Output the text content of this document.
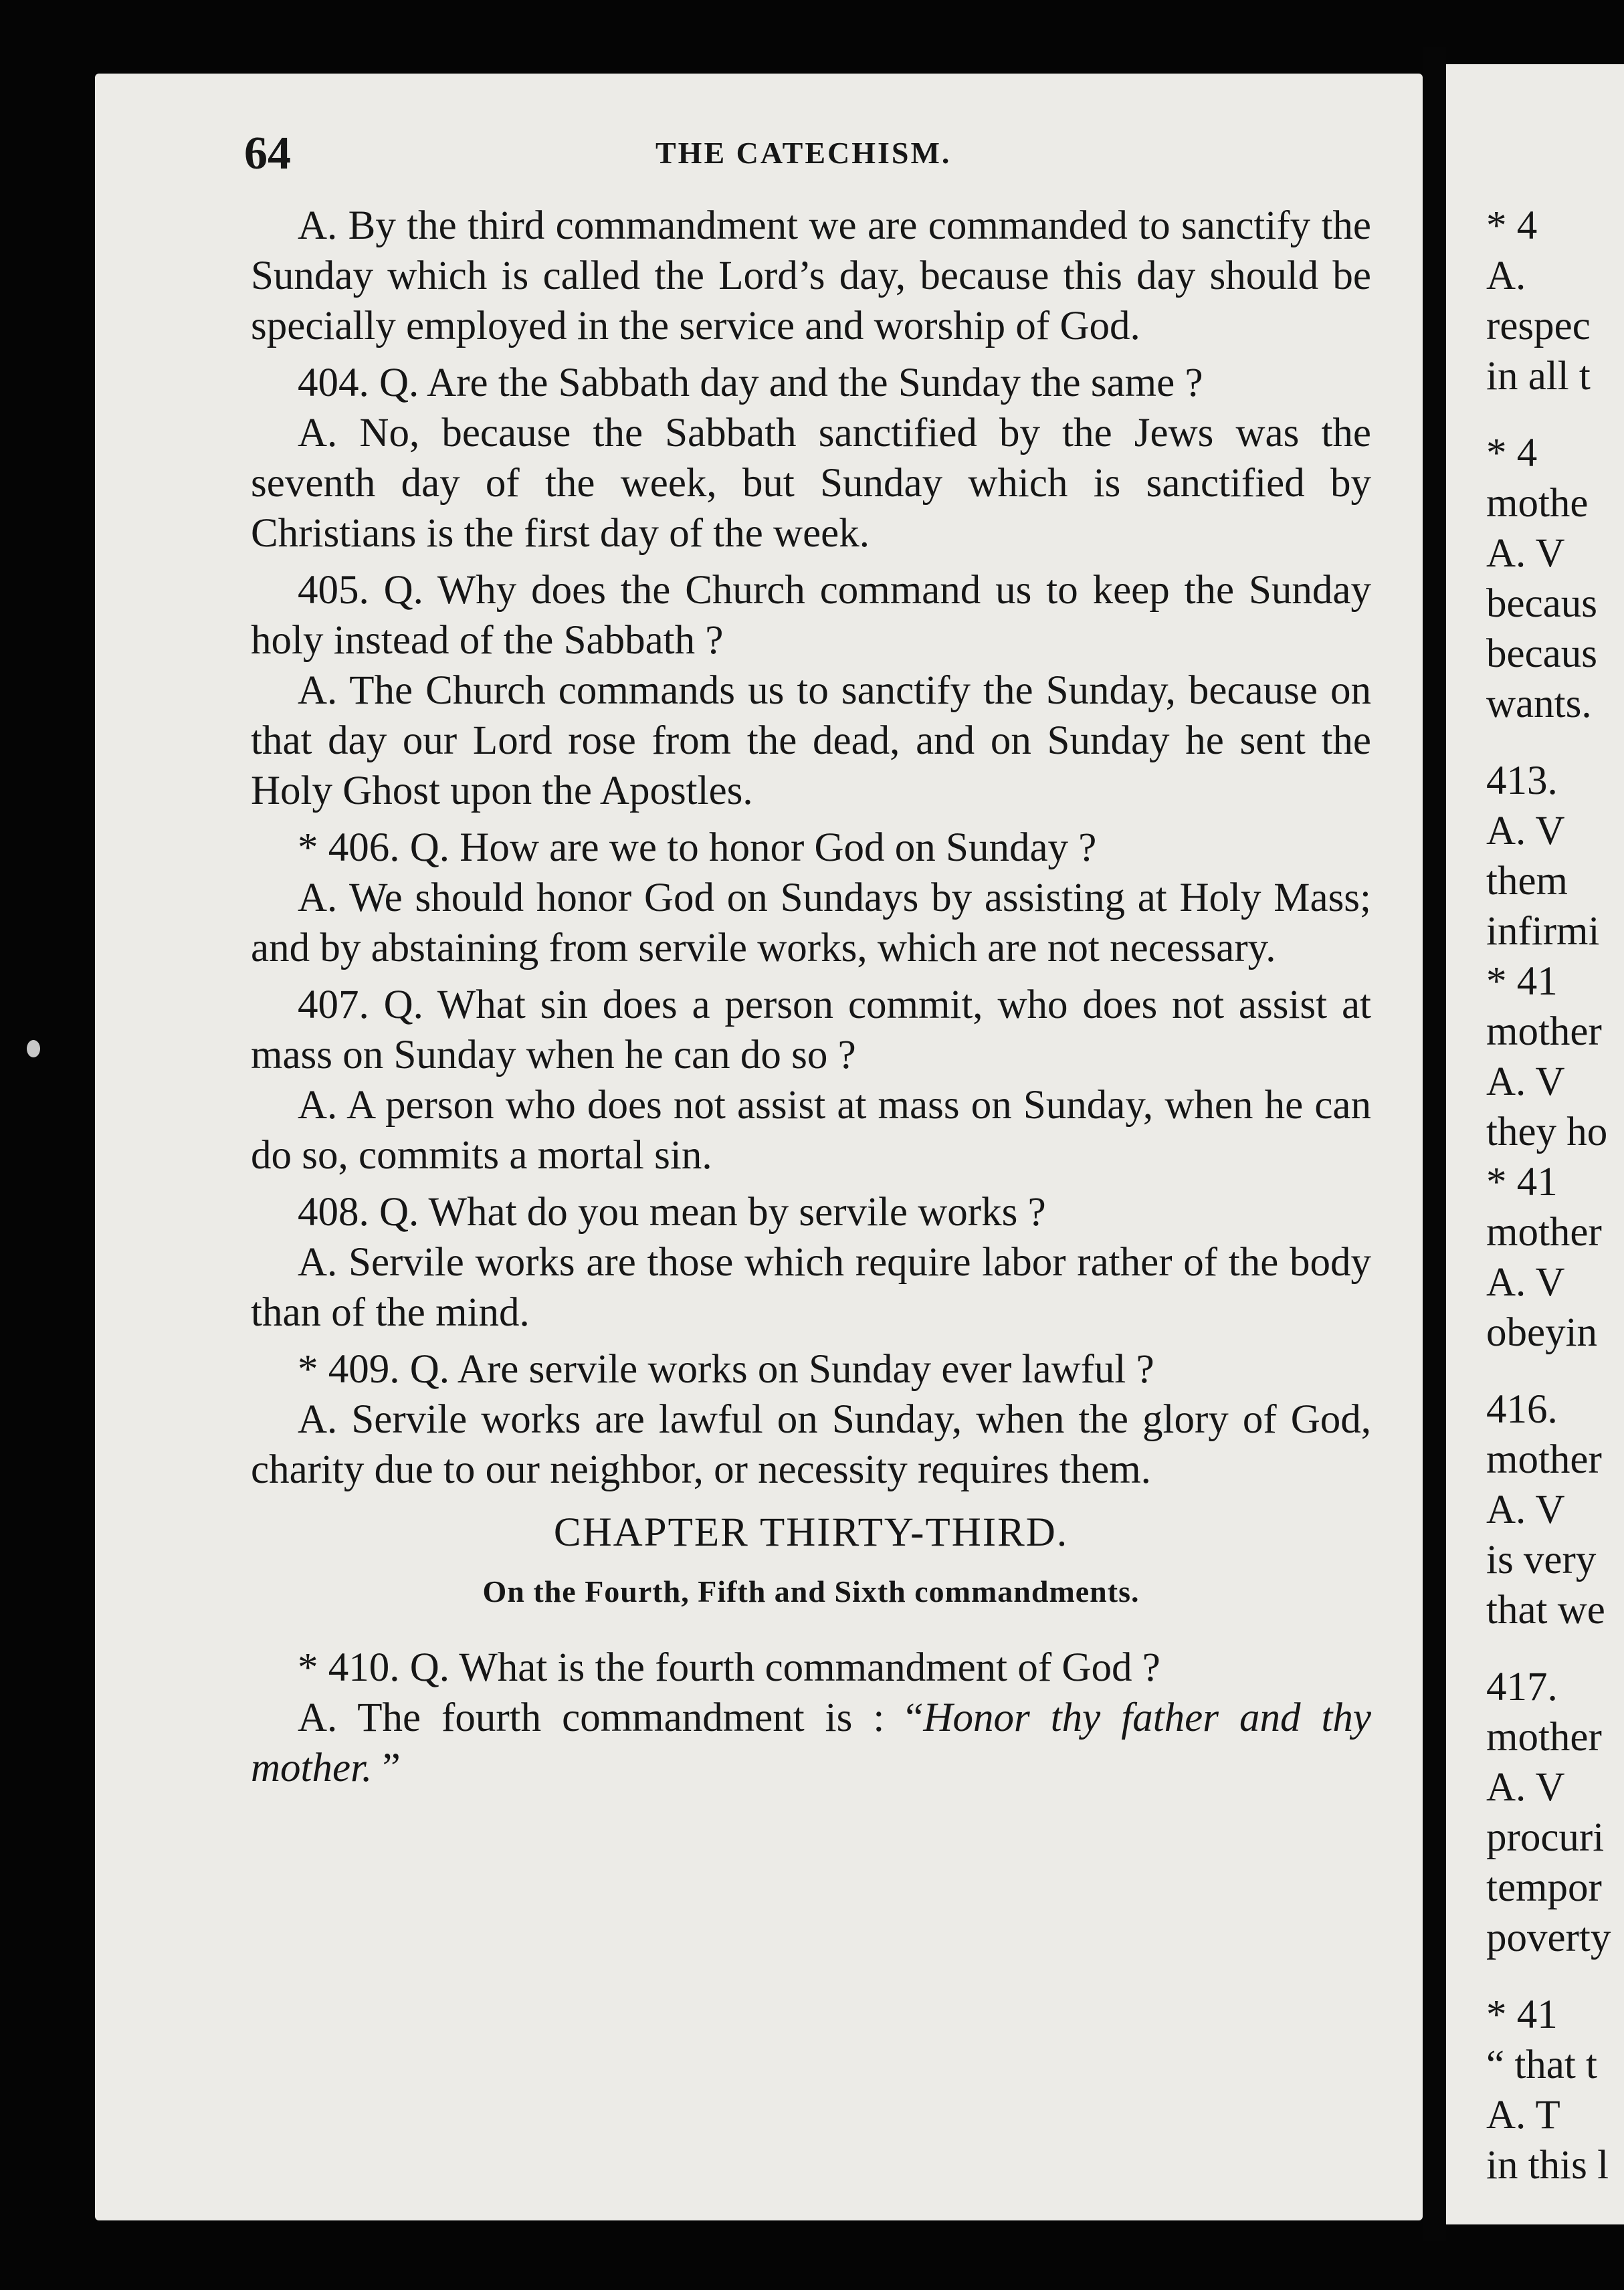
64	THE CATECHISM.

A. By the third commandment we are commanded to sanctify the Sunday which is called the Lord’s day, because this day should be specially employed in the service and worship of God.

404. Q. Are the Sabbath day and the Sunday the same ?

A. No, because the Sabbath sanctified by the Jews was the seventh day of the week, but Sunday which is sanctified by Christians is the first day of the week.

405. Q. Why does the Church command us to keep the Sunday holy instead of the Sabbath ?

A. The Church commands us to sanctify the Sunday, because on that day our Lord rose from the dead, and on Sunday he sent the Holy Ghost upon the Apostles.

* 406. Q. How are we to honor God on Sunday ?

A. We should honor God on Sundays by assisting at Holy Mass; and by abstaining from servile works, which are not necessary.

407. Q. What sin does a person commit, who does not assist at mass on Sunday when he can do so ?

A. A person who does not assist at mass on Sunday, when he can do so, commits a mortal sin.

408. Q. What do you mean by servile works ?

A. Servile works are those which require labor rather of the body than of the mind.

* 409. Q. Are servile works on Sunday ever lawful ?

A. Servile works are lawful on Sunday, when the glory of God, charity due to our neighbor, or necessity requires them.

CHAPTER THIRTY-THIRD.
On the Fourth, Fifth and Sixth commandments.

* 410. Q. What is the fourth commandment of God ?

A. The fourth commandment is : “Honor thy father and thy mother. ”

* 4

A.

respec

in all t

* 4

mothe

A. V

becaus

becaus

wants.

413.

A. V

them

infirmi

* 41

mother

A. V

they ho

* 41

mother

A. V

obeyin

416.

mother

A. V

is very

that we

417.

mother

A. V

procuri

tempor

poverty

* 41

“ that t

A. T

in this l
